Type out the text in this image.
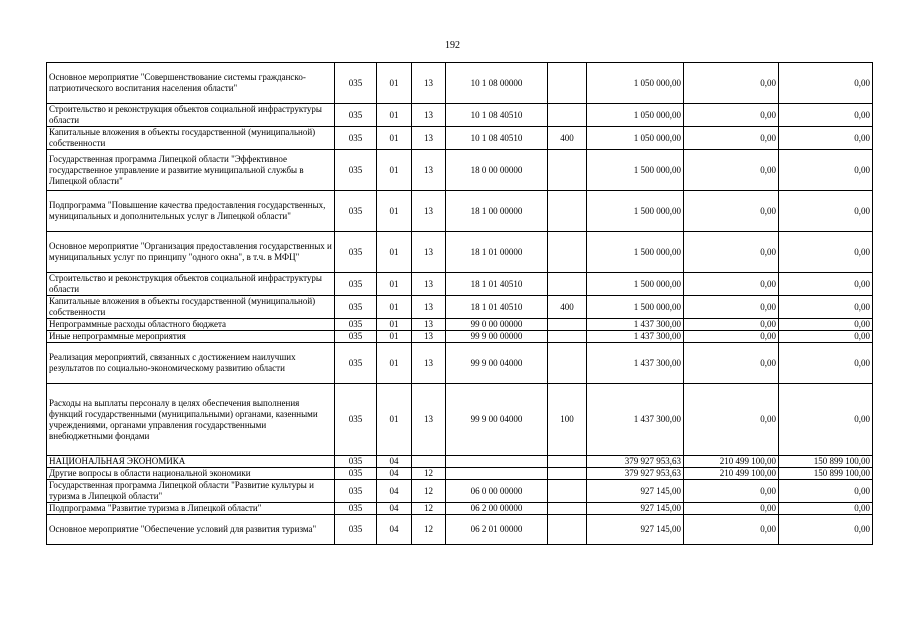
192
Основное мероприятие "Совершенствование системы гражданско-патриотического воспитания населения области"	035	01	13	10 1 08 00000		1 050 000,00	0,00	0,00
Строительство и реконструкция объектов социальной инфраструктуры области	035	01	13	10 1 08 40510		1 050 000,00	0,00	0,00
Капитальные вложения в объекты государственной (муниципальной) собственности	035	01	13	10 1 08 40510	400	1 050 000,00	0,00	0,00
Государственная программа Липецкой области "Эффективное государственное управление и развитие муниципальной службы в Липецкой области"	035	01	13	18 0 00 00000		1 500 000,00	0,00	0,00
Подпрограмма "Повышение качества предоставления государственных, муниципальных и дополнительных услуг в Липецкой области"	035	01	13	18 1 00 00000		1 500 000,00	0,00	0,00
Основное мероприятие "Организация предоставления государственных и муниципальных услуг по принципу "одного окна", в т.ч. в МФЦ"	035	01	13	18 1 01 00000		1 500 000,00	0,00	0,00
Строительство и реконструкция объектов социальной инфраструктуры области	035	01	13	18 1 01 40510		1 500 000,00	0,00	0,00
Капитальные вложения в объекты государственной (муниципальной) собственности	035	01	13	18 1 01 40510	400	1 500 000,00	0,00	0,00
Непрограммные расходы областного бюджета	035	01	13	99 0 00 00000		1 437 300,00	0,00	0,00
Иные непрограммные мероприятия	035	01	13	99 9 00 00000		1 437 300,00	0,00	0,00
Реализация мероприятий, связанных с достижением наилучших результатов по социально-экономическому развитию области	035	01	13	99 9 00 04000		1 437 300,00	0,00	0,00
Расходы на выплаты персоналу в целях обеспечения выполнения функций государственными (муниципальными) органами, казенными учреждениями, органами управления государственными внебюджетными фондами	035	01	13	99 9 00 04000	100	1 437 300,00	0,00	0,00
НАЦИОНАЛЬНАЯ ЭКОНОМИКА	035	04				379 927 953,63	210 499 100,00	150 899 100,00
Другие вопросы в области национальной экономики	035	04	12			379 927 953,63	210 499 100,00	150 899 100,00
Государственная программа Липецкой области "Развитие культуры и туризма в Липецкой области"	035	04	12	06 0 00 00000		927 145,00	0,00	0,00
Подпрограмма "Развитие туризма в Липецкой области"	035	04	12	06 2 00 00000		927 145,00	0,00	0,00
Основное мероприятие "Обеспечение условий для развития туризма"	035	04	12	06 2 01 00000		927 145,00	0,00	0,00
